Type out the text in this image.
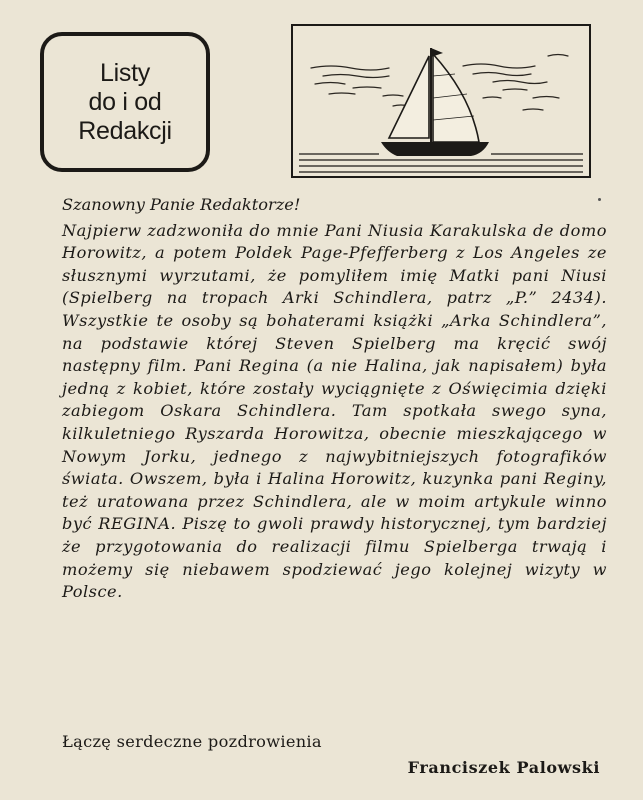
Listy
do i od
Redakcji

Szanowny Panie Redaktorze!

Najpierw zadzwoniła do mnie Pani Niusia Karakulska de domo Horowitz, a potem Poldek Page-Pfefferberg z Los Angeles ze słusznymi wyrzutami, że pomyliłem imię Matki pani Niusi (Spielberg na tropach Arki Schindlera, patrz „P.” 2434). Wszystkie te osoby są bohaterami książki „Arka Schindlera”, na podstawie której Steven Spielberg ma kręcić swój następny film. Pani Regina (a nie Halina, jak napisałem) była jedną z kobiet, które zostały wyciągnięte z Oświęcimia dzięki zabiegom Oskara Schindlera. Tam spotkała swego syna, kilkuletniego Ryszarda Horowitza, obecnie mieszkającego w Nowym Jorku, jednego z najwybitniejszych fotografików świata. Owszem, była i Halina Horowitz, kuzynka pani Reginy, też uratowana przez Schindlera, ale w moim artykule winno być REGINA. Piszę to gwoli prawdy historycznej, tym bardziej że przygotowania do realizacji filmu Spielberga trwają i możemy się niebawem spodziewać jego kolejnej wizyty w Polsce.

Łączę serdeczne pozdrowienia
Franciszek Palowski
